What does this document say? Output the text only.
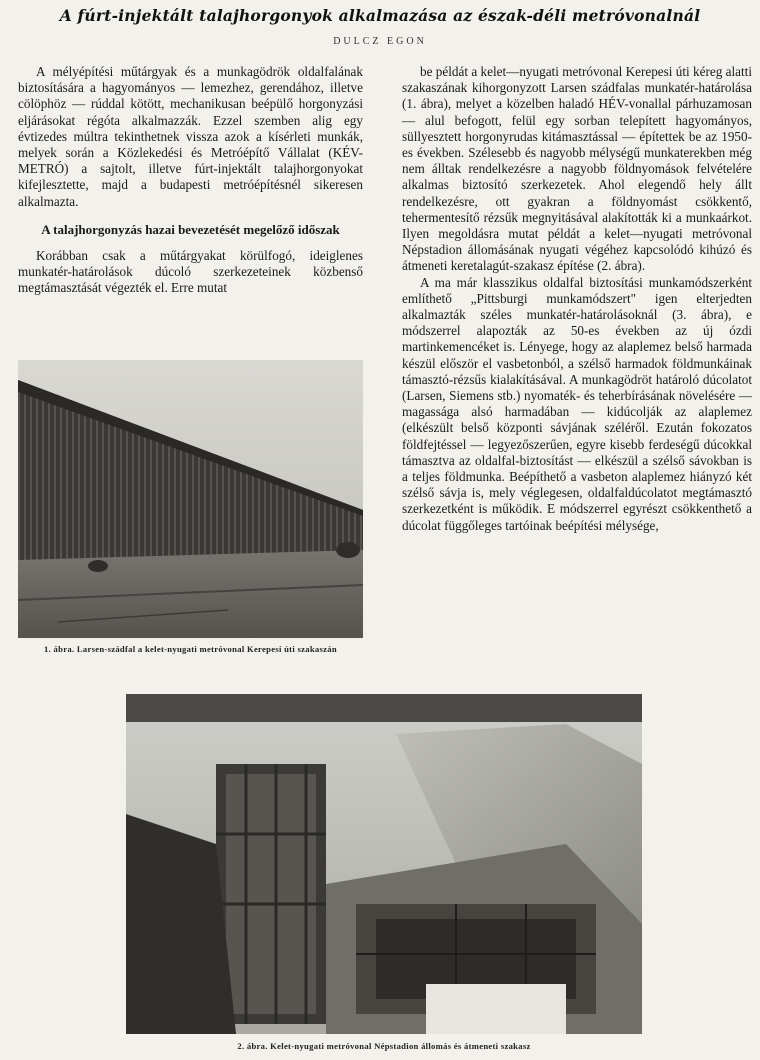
A fúrt-injektált talajhorgonyok alkalmazása az észak-déli metróvonalnál
DULCZ EGON

A mélyépítési műtárgyak és a munkagödrök oldalfalának biztosítására a hagyományos — lemezhez, gerendához, illetve cölöphöz — rúddal kötött, mechanikusan beépülő horgonyzási eljárásokat régóta alkalmazzák. Ezzel szemben alig egy évtizedes múltra tekinthetnek vissza azok a kísérleti munkák, melyek során a Közlekedési és Metróépítő Vállalat (KÉV-METRÓ) a sajtolt, illetve fúrt-injektált talajhorgonyokat kifejlesztette, majd a budapesti metróépítésnél sikeresen alkalmazta.

A talajhorgonyzás hazai bevezetését megelőző időszak

Korábban csak a műtárgyakat körülfogó, ideiglenes munkatér-határolások dúcoló szerkezeteinek közbenső megtámasztását végezték el. Erre mutat

be példát a kelet—nyugati metróvonal Kerepesi úti kéreg alatti szakaszának kihorgonyzott Larsen szádfalas munkatér-határolása (1. ábra), melyet a közelben haladó HÉV-vonallal párhuzamosan — alul befogott, felül egy sorban telepített hagyományos, süllyesztett horgonyrudas kitámasztással — építettek be az 1950-es években. Szélesebb és nagyobb mélységű munkaterekben még nem álltak rendelkezésre a nagyobb földnyomások felvételére alkalmas biztosító szerkezetek. Ahol elegendő hely állt rendelkezésre, ott gyakran a földnyomást csökkentő, tehermentesítő rézsűk megnyitásával alakították ki a munkaárkot. Ilyen megoldásra mutat példát a kelet—nyugati metróvonal Népstadion állomásának nyugati végéhez kapcsolódó kihúzó és átmeneti keretalagút-szakasz építése (2. ábra).

A ma már klasszikus oldalfal biztosítási munkamódszerként említhető „Pittsburgi munkamódszert" igen elterjedten alkalmazták széles munkatér-határolásoknál (3. ábra), e módszerrel alapozták az 50-es években az új ózdi martinkemencéket is. Lényege, hogy az alaplemez belső harmada készül először el vasbetonból, a szélső harmadok földmunkáinak támasztó-rézsűs kialakításával. A munkagödröt határoló dúcolatot (Larsen, Siemens stb.) nyomaték- és teherbírásának növelésére — magassága alsó harmadában — kidúcolják az alaplemez (elkészült belső központi sávjának széléről. Ezután fokozatos földfejtéssel — legyezőszerűen, egyre kisebb ferdeségű dúcokkal támasztva az oldalfal-biztosítást — elkészül a szélső sávokban is a teljes földmunka. Beépíthető a vasbeton alaplemez hiányzó két szélső sávja is, mely véglegesen, oldalfaldúcolatot megtámasztó szerkezetként is működik. E módszerrel egyrészt csökkenthető a dúcolat függőleges tartóinak beépítési mélysége,

1. ábra. Larsen-szádfal a kelet-nyugati metróvonal Kerepesi úti szakaszán
2. ábra. Kelet-nyugati metróvonal Népstadion állomás és átmeneti szakasz
